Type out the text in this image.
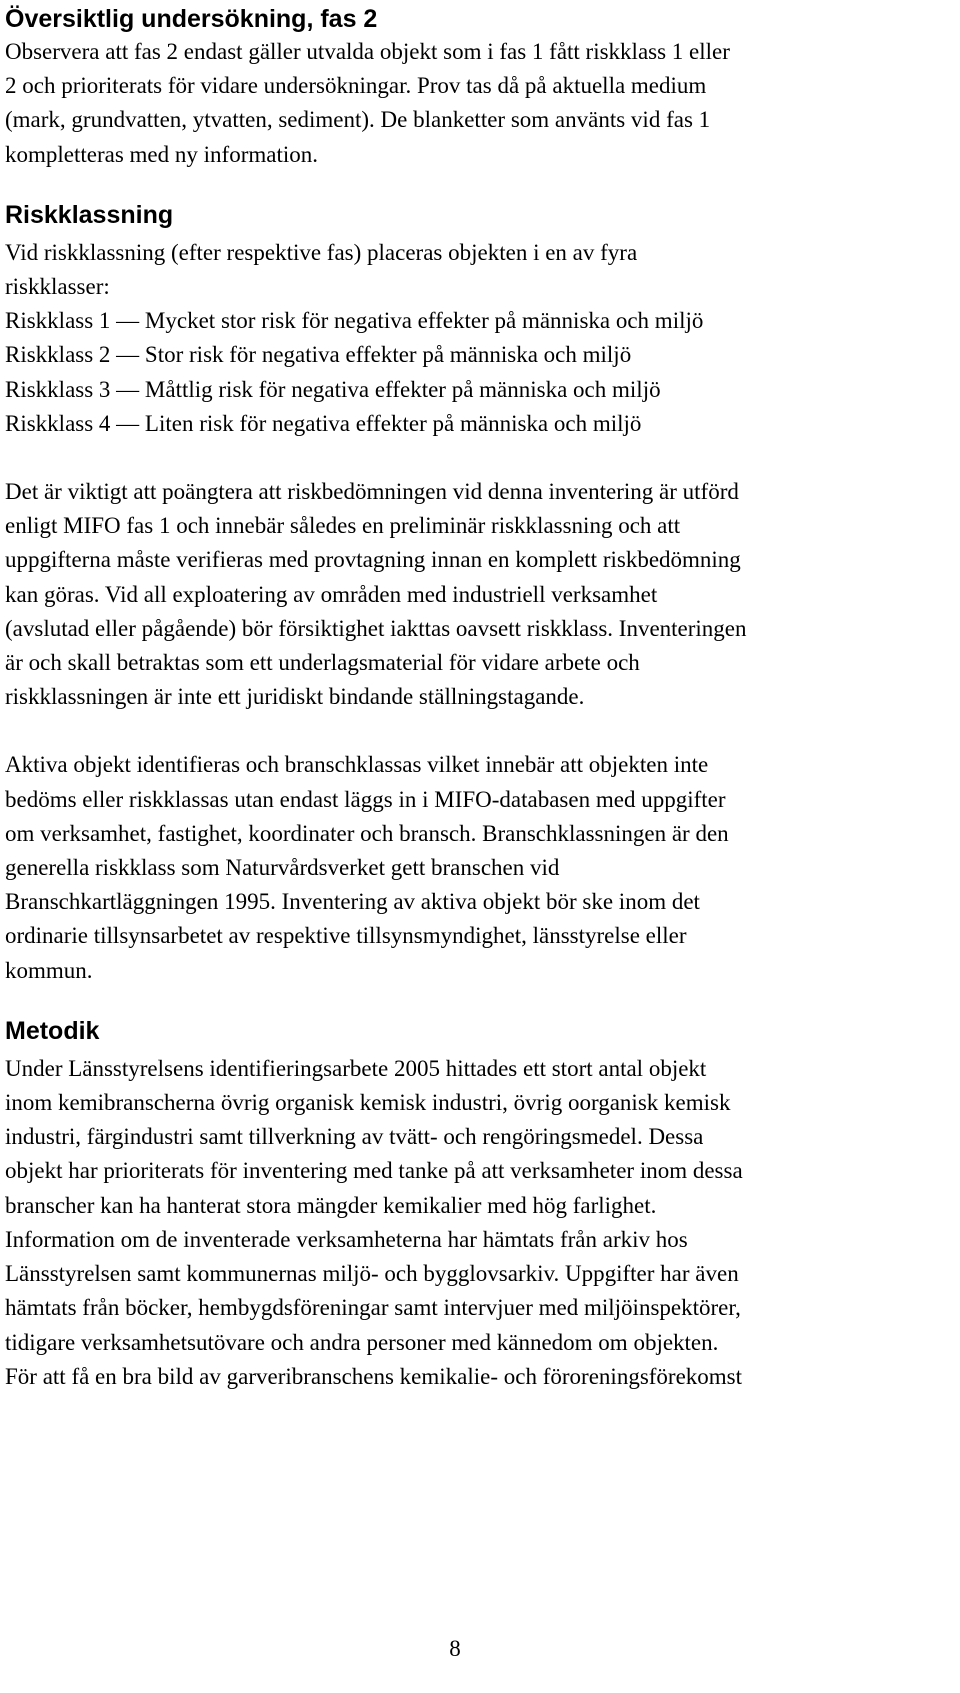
Översiktlig undersökning, fas 2

Observera att fas 2 endast gäller utvalda objekt som i fas 1 fått riskklass 1 eller
2 och prioriterats för vidare undersökningar. Prov tas då på aktuella medium
(mark, grundvatten, ytvatten, sediment). De blanketter som använts vid fas 1
kompletteras med ny information.

Riskklassning

Vid riskklassning (efter respektive fas) placeras objekten i en av fyra
riskklasser:

Riskklass 1 — Mycket stor risk för negativa effekter på människa och miljö
Riskklass 2 — Stor risk för negativa effekter på människa och miljö
Riskklass 3 — Måttlig risk för negativa effekter på människa och miljö
Riskklass 4 — Liten risk för negativa effekter på människa och miljö

Det är viktigt att poängtera att riskbedömningen vid denna inventering är utförd
enligt MIFO fas 1 och innebär således en preliminär riskklassning och att
uppgifterna måste verifieras med provtagning innan en komplett riskbedömning
kan göras. Vid all exploatering av områden med industriell verksamhet
(avslutad eller pågående) bör försiktighet iakttas oavsett riskklass. Inventeringen
är och skall betraktas som ett underlagsmaterial för vidare arbete och
riskklassningen är inte ett juridiskt bindande ställningstagande.

Aktiva objekt identifieras och branschklassas vilket innebär att objekten inte
bedöms eller riskklassas utan endast läggs in i MIFO-databasen med uppgifter
om verksamhet, fastighet, koordinater och bransch. Branschklassningen är den
generella riskklass som Naturvårdsverket gett branschen vid
Branschkartläggningen 1995. Inventering av aktiva objekt bör ske inom det
ordinarie tillsynsarbetet av respektive tillsynsmyndighet, länsstyrelse eller
kommun.

Metodik

Under Länsstyrelsens identifieringsarbete 2005 hittades ett stort antal objekt
inom kemibranscherna övrig organisk kemisk industri, övrig oorganisk kemisk
industri, färgindustri samt tillverkning av tvätt- och rengöringsmedel. Dessa
objekt har prioriterats för inventering med tanke på att verksamheter inom dessa
branscher kan ha hanterat stora mängder kemikalier med hög farlighet.
Information om de inventerade verksamheterna har hämtats från arkiv hos
Länsstyrelsen samt kommunernas miljö- och bygglovsarkiv. Uppgifter har även
hämtats från böcker, hembygdsföreningar samt intervjuer med miljöinspektörer,
tidigare verksamhetsutövare och andra personer med kännedom om objekten.
För att få en bra bild av garveribranschens kemikalie- och föroreningsförekomst

8
